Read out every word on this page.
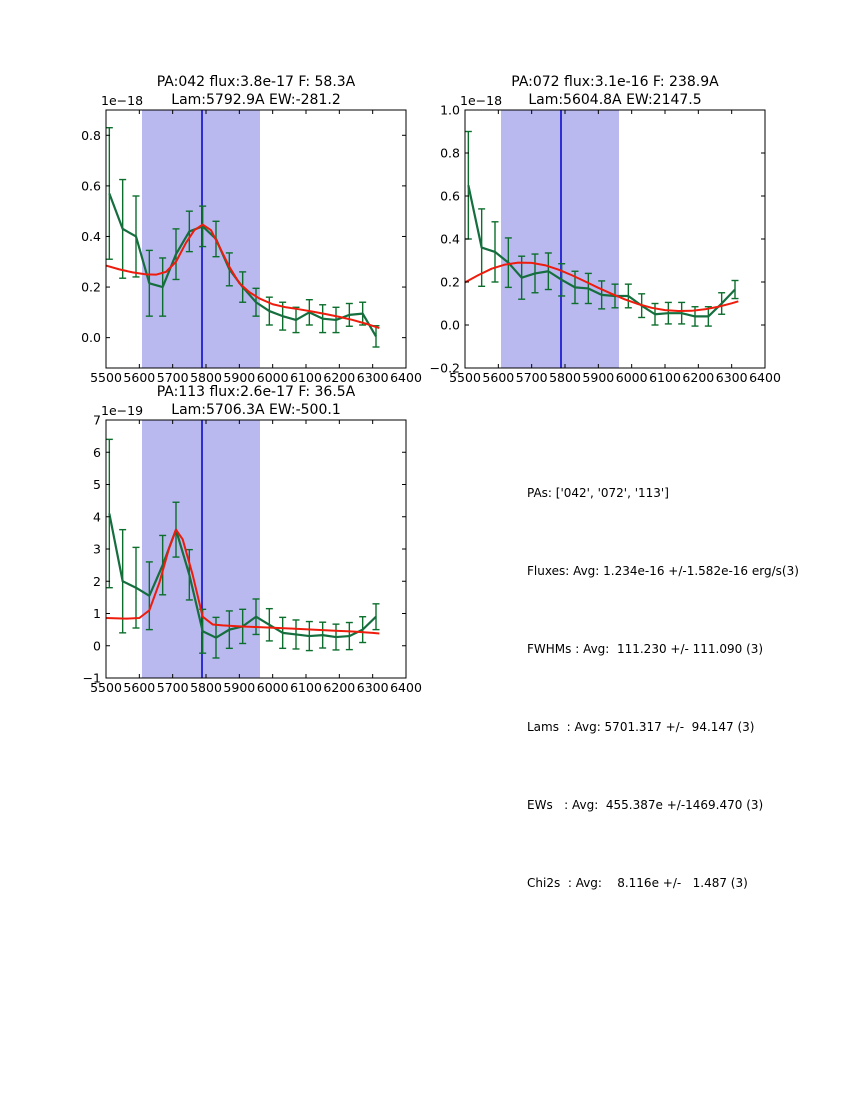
PA:042 flux:3.8e-17 F: 58.3A
Lam:5792.9A EW:-281.2
1e−18
5500 5600 5700 5800 5900 6000 6100 6200 6300 6400
0.0
0.2
0.4
0.6
0.8
PA:072 flux:3.1e-16 F: 238.9A
Lam:5604.8A EW:2147.5
1e−18
5500 5600 5700 5800 5900 6000 6100 6200 6300 6400
−0.2
0.0
0.2
0.4
0.6
0.8
1.0
PA:113 flux:2.6e-17 F: 36.5A
Lam:5706.3A EW:-500.1
1e−19
5500 5600 5700 5800 5900 6000 6100 6200 6300 6400
−1
0
1
2
3
4
5
6
7

PAs: ['042', '072', '113']

Fluxes: Avg: 1.234e-16 +/-1.582e-16 erg/s(3)

FWHMs : Avg:  111.230 +/- 111.090 (3)

Lams  : Avg: 5701.317 +/-  94.147 (3)

EWs   : Avg:  455.387e +/-1469.470 (3)

Chi2s  : Avg:    8.116e +/-   1.487 (3)
